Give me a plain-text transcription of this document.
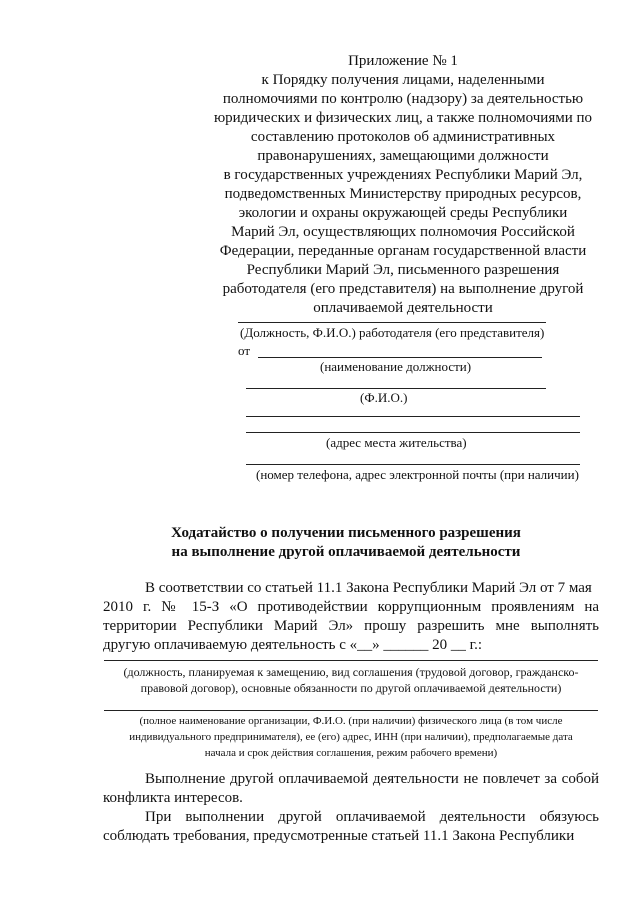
Приложение № 1
к Порядку получения лицами, наделенными
полномочиями по контролю (надзору) за деятельностью
юридических и физических лиц, а также полномочиями по
составлению протоколов об административных
правонарушениях, замещающими должности
в государственных учреждениях Республики Марий Эл,
подведомственных Министерству природных ресурсов,
экологии и охраны окружающей среды Республики
Марий Эл, осуществляющих полномочия Российской
Федерации, переданные органам государственной власти
Республики Марий Эл, письменного разрешения
работодателя (его представителя) на выполнение другой
оплачиваемой деятельности
(Должность, Ф.И.О.) работодателя (его представителя)
от
(наименование должности)
(Ф.И.О.)
(адрес места жительства)
(номер телефона, адрес электронной почты (при наличии)
Ходатайство о получении письменного разрешения
на выполнение другой оплачиваемой деятельности
В соответствии со статьей 11.1 Закона Республики Марий Эл от 7 мая
2010 г. № 15-З «О противодействии коррупционным проявлениям на
территории Республики Марий Эл» прошу разрешить мне выполнять
другую оплачиваемую деятельность с «__» ______ 20 __ г.:
(должность, планируемая к замещению, вид соглашения (трудовой договор, гражданско-
правовой договор), основные обязанности по другой оплачиваемой деятельности)
(полное наименование организации, Ф.И.О. (при наличии) физического лица (в том числе
индивидуального предпринимателя), ее (его) адрес, ИНН (при наличии), предполагаемые дата
начала и срок действия соглашения, режим рабочего времени)
Выполнение другой оплачиваемой деятельности не повлечет за собой
конфликта интересов.
При выполнении другой оплачиваемой деятельности обязуюсь
соблюдать требования, предусмотренные статьей 11.1 Закона Республики
